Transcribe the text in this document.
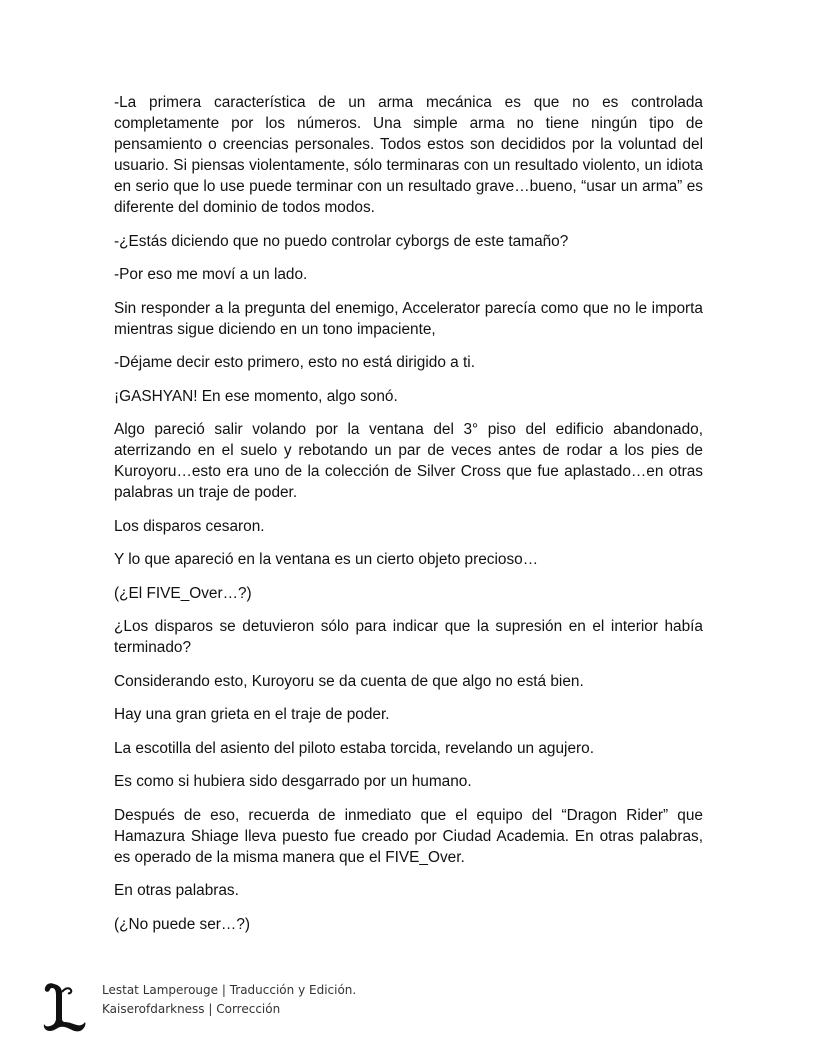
-La primera característica de un arma mecánica es que no es controlada completamente por los números. Una simple arma no tiene ningún tipo de pensamiento o creencias personales. Todos estos son decididos por la voluntad del usuario. Si piensas violentamente, sólo terminaras con un resultado violento, un idiota en serio que lo use puede terminar con un resultado grave…bueno, “usar un arma” es diferente del dominio de todos modos.

-¿Estás diciendo que no puedo controlar cyborgs de este tamaño?

-Por eso me moví a un lado.

Sin responder a la pregunta del enemigo, Accelerator parecía como que no le importa mientras sigue diciendo en un tono impaciente,

-Déjame decir esto primero, esto no está dirigido a ti.

¡GASHYAN! En ese momento, algo sonó.

Algo pareció salir volando por la ventana del 3° piso del edificio abandonado, aterrizando en el suelo y rebotando un par de veces antes de rodar a los pies de Kuroyoru…esto era uno de la colección de Silver Cross que fue aplastado…en otras palabras un traje de poder.

Los disparos cesaron.

Y lo que apareció en la ventana es un cierto objeto precioso…

(¿El FIVE_Over…?)

¿Los disparos se detuvieron sólo para indicar que la supresión en el interior había terminado?

Considerando esto, Kuroyoru se da cuenta de que algo no está bien.

Hay una gran grieta en el traje de poder.

La escotilla del asiento del piloto estaba torcida, revelando un agujero.

Es como si hubiera sido desgarrado por un humano.

Después de eso, recuerda de inmediato que el equipo del “Dragon Rider” que Hamazura Shiage lleva puesto fue creado por Ciudad Academia. En otras palabras, es operado de la misma manera que el FIVE_Over.

En otras palabras.

(¿No puede ser…?)

Lestat Lamperouge | Traducción y Edición.
Kaiserofdarkness | Corrección
